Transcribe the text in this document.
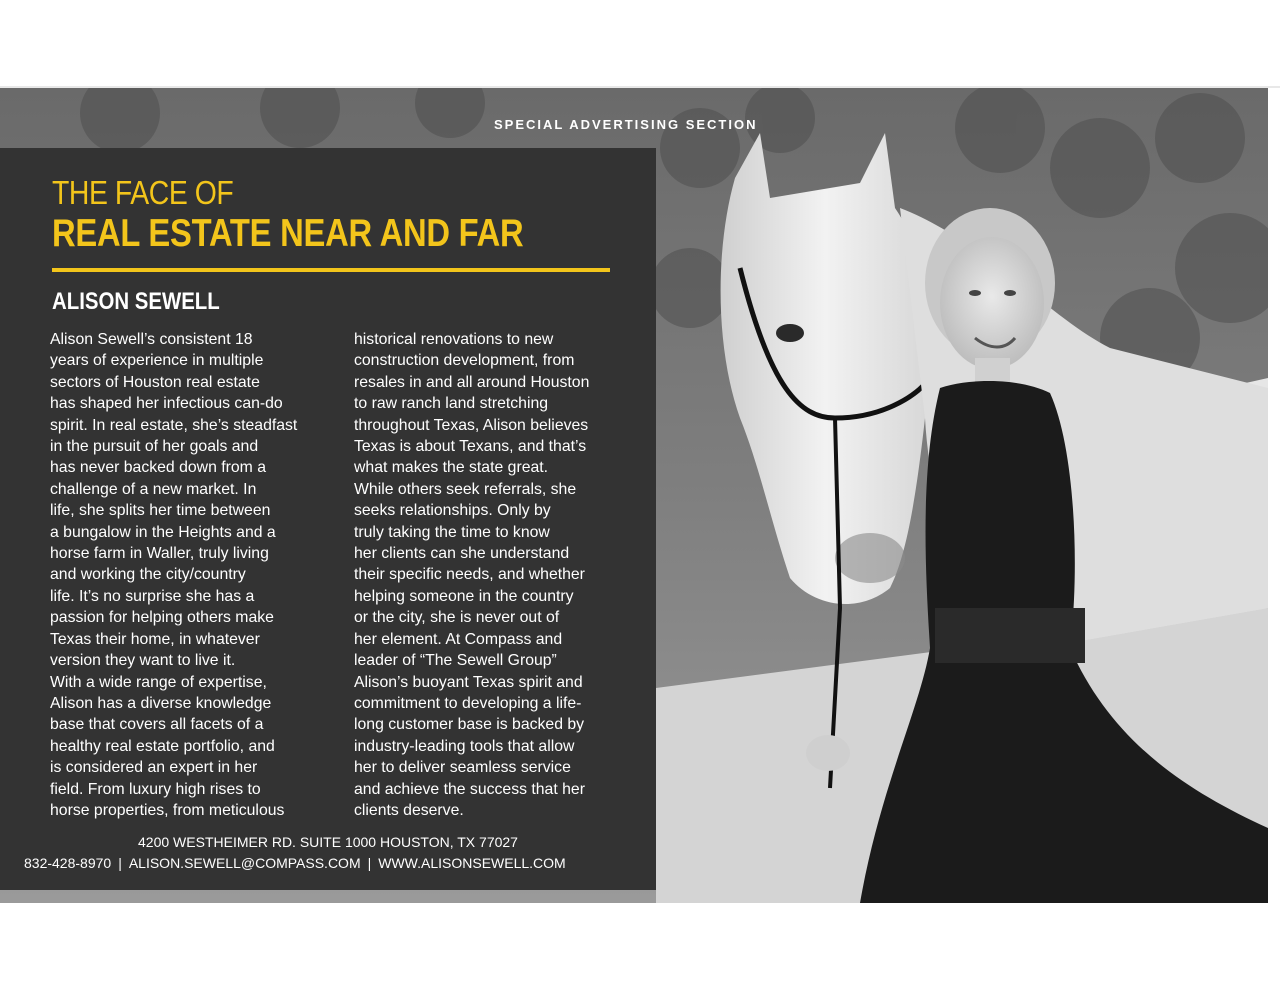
SPECIAL ADVERTISING SECTION
THE FACE OF
REAL ESTATE NEAR AND FAR
ALISON SEWELL
Alison Sewell’s consistent 18
years of experience in multiple
sectors of Houston real estate
has shaped her infectious can-do
spirit. In real estate, she’s steadfast
in the pursuit of her goals and
has never backed down from a
challenge of a new market. In
life, she splits her time between
a bungalow in the Heights and a
horse farm in Waller, truly living
and working the city/country
life. It’s no surprise she has a
passion for helping others make
Texas their home, in whatever
version they want to live it.
With a wide range of expertise,
Alison has a diverse knowledge
base that covers all facets of a
healthy real estate portfolio, and
is considered an expert in her
field. From luxury high rises to
horse properties, from meticulous
historical renovations to new
construction development, from
resales in and all around Houston
to raw ranch land stretching
throughout Texas, Alison believes
Texas is about Texans, and that’s
what makes the state great.
While others seek referrals, she
seeks relationships. Only by
truly taking the time to know
her clients can she understand
their specific needs, and whether
helping someone in the country
or the city, she is never out of
her element. At Compass and
leader of “The Sewell Group”
Alison’s buoyant Texas spirit and
commitment to developing a life-
long customer base is backed by
industry-leading tools that allow
her to deliver seamless service
and achieve the success that her
clients deserve.
4200 WESTHEIMER RD. SUITE 1000 HOUSTON, TX 77027
832-428-8970 | ALISON.SEWELL@COMPASS.COM | WWW.ALISONSEWELL.COM
